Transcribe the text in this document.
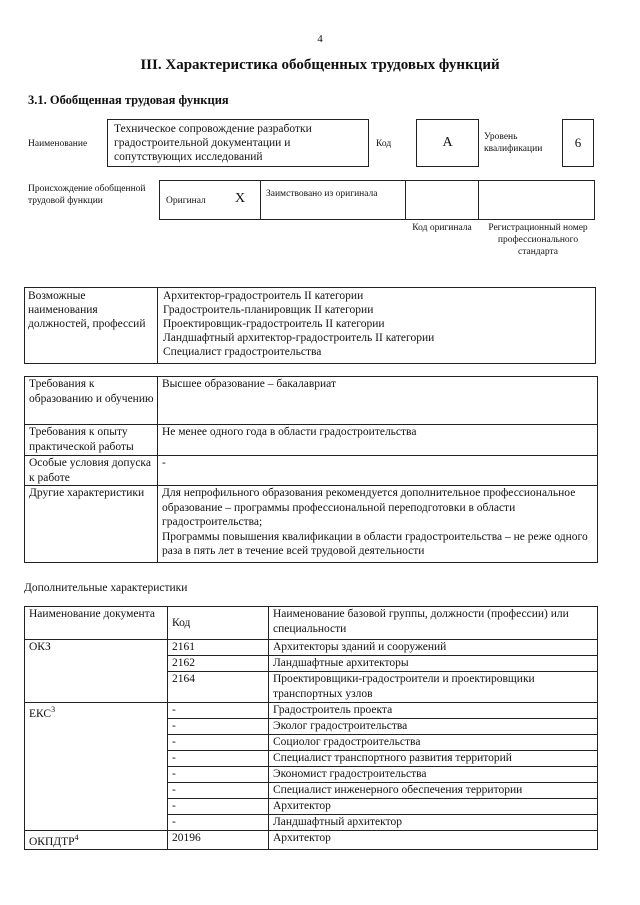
4
III. Характеристика обобщенных трудовых функций
3.1. Обобщенная трудовая функция
Наименование
Техническое сопровождение разработки градостроительной документации и сопутствующих исследований
Код	А	Уровень квалификации	6
Происхождение обобщенной трудовой функции	Оригинал X Заимствовано из оригинала
Код оригинала	Регистрационный номер профессионального стандарта
Возможные наименования должностей, профессий
Архитектор-градостроитель II категории
Градостроитель-планировщик II категории
Проектировщик-градостроитель II категории
Ландшафтный архитектор-градостроитель II категории
Специалист градостроительства
Требования к образованию и обучению	Высшее образование – бакалавриат
Требования к опыту практической работы	Не менее одного года в области градостроительства
Особые условия допуска к работе	-
Другие характеристики	Для непрофильного образования рекомендуется дополнительное профессиональное образование – программы профессиональной переподготовки в области градостроительства;
Программы повышения квалификации в области градостроительства – не реже одного раза в пять лет в течение всей трудовой деятельности
Дополнительные характеристики
Наименование документа	Код	Наименование базовой группы, должности (профессии) или специальности
ОКЗ	2161	Архитекторы зданий и сооружений
	2162	Ландшафтные архитекторы
	2164	Проектировщики-градостроители и проектировщики транспортных узлов
ЕКС$^3$	-	Градостроитель проекта
	-	Эколог градостроительства
	-	Социолог градостроительства
	-	Специалист транспортного развития территорий
	-	Экономист градостроительства
	-	Специалист инженерного обеспечения территории
	-	Архитектор
	-	Ландшафтный архитектор
ОКПДТР$^4$	20196	Архитектор
